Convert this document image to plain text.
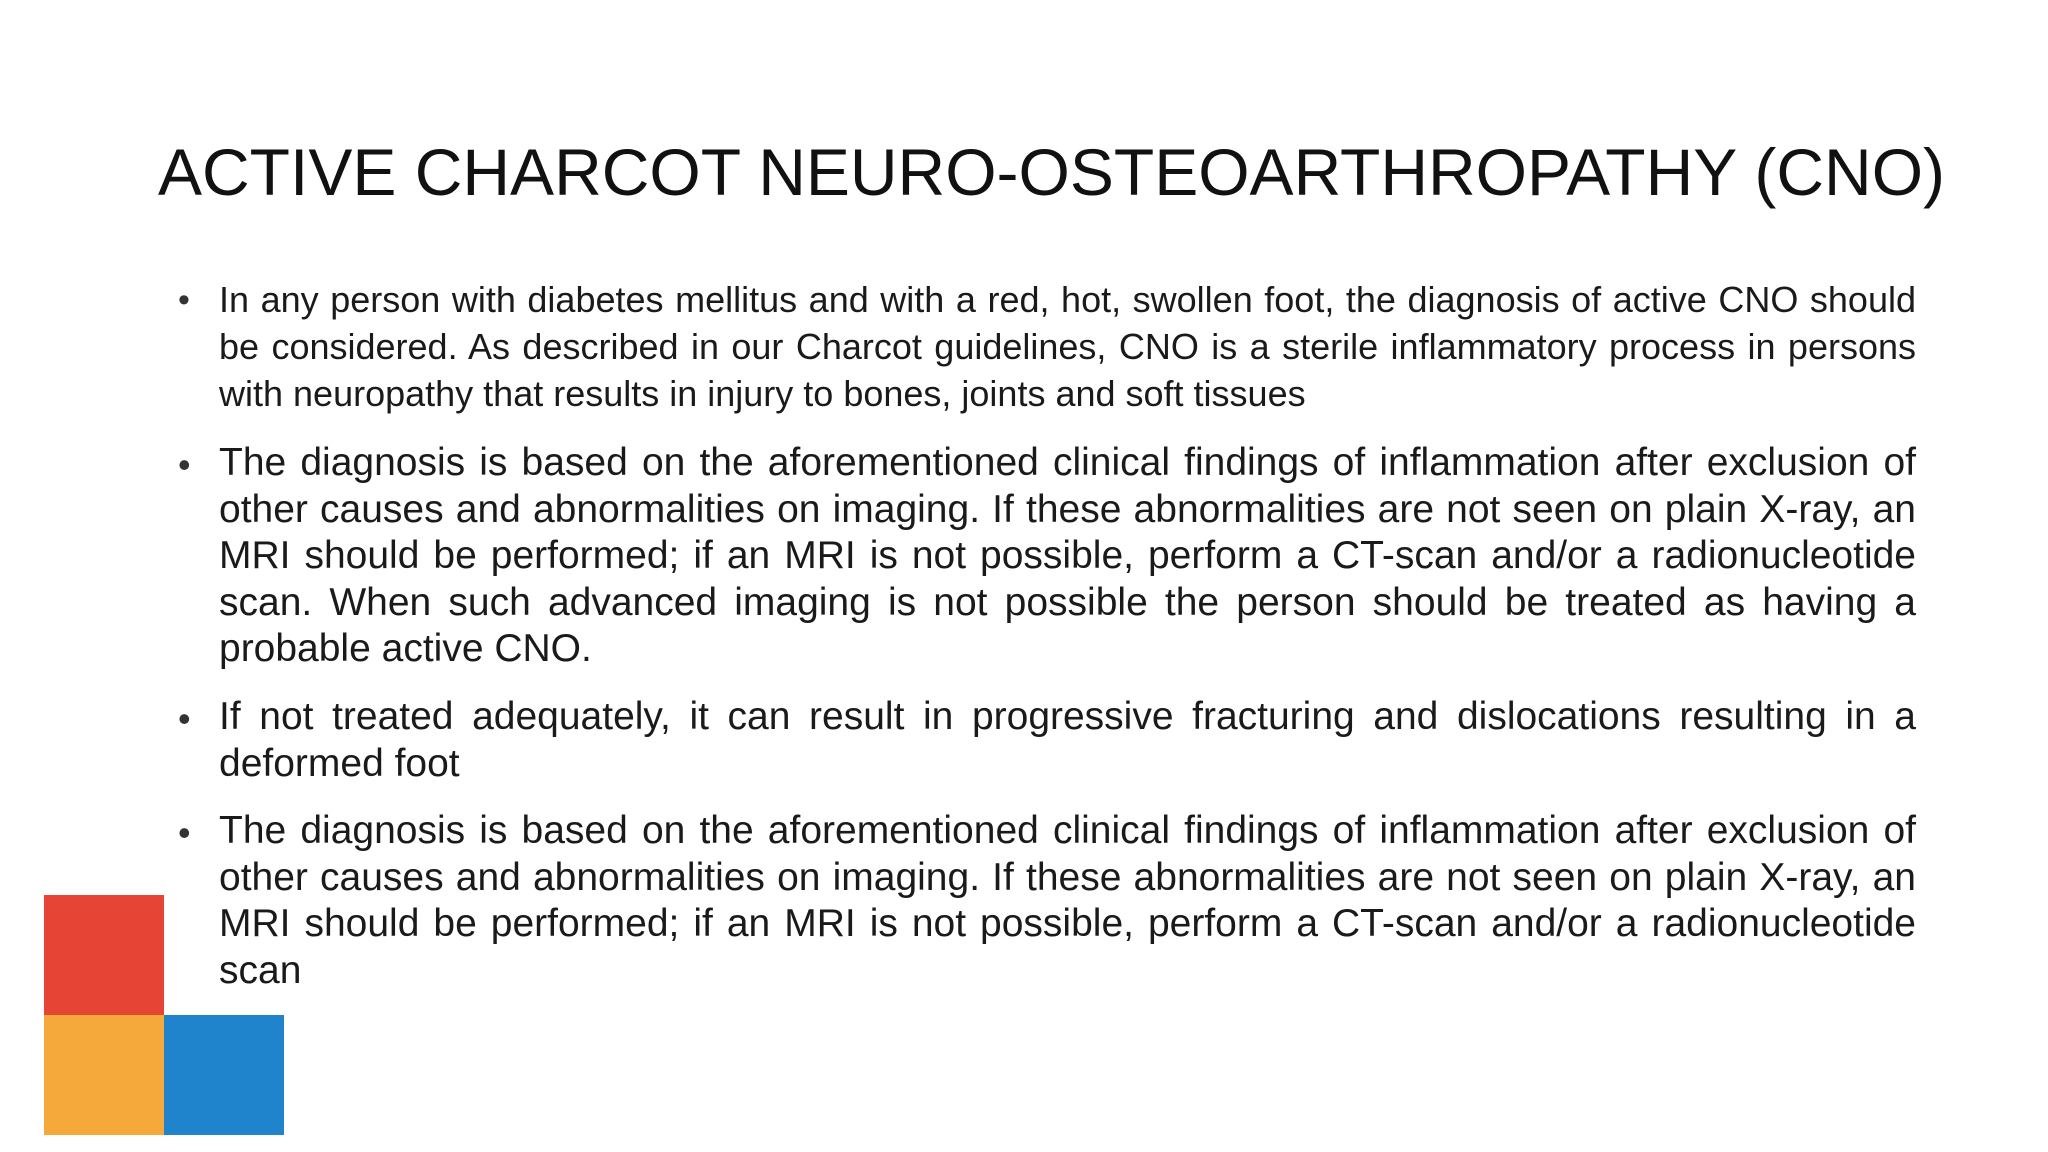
ACTIVE CHARCOT NEURO-OSTEOARTHROPATHY (CNO)
• In any person with diabetes mellitus and with a red, hot, swollen foot, the diagnosis of active CNO should be considered. As described in our Charcot guidelines, CNO is a sterile inflammatory process in persons with neuropathy that results in injury to bones, joints and soft tissues
• The diagnosis is based on the aforementioned clinical findings of inflammation after exclusion of other causes and abnormalities on imaging. If these abnormalities are not seen on plain X-ray, an MRI should be performed; if an MRI is not possible, perform a CT-scan and/or a radionucleotide scan. When such advanced imaging is not possible the person should be treated as having a probable active CNO.
• If not treated adequately, it can result in progressive fracturing and dislocations resulting in a deformed foot
• The diagnosis is based on the aforementioned clinical findings of inflammation after exclusion of other causes and abnormalities on imaging. If these abnormalities are not seen on plain X-ray, an MRI should be performed; if an MRI is not possible, perform a CT-scan and/or a radionucleotide scan
